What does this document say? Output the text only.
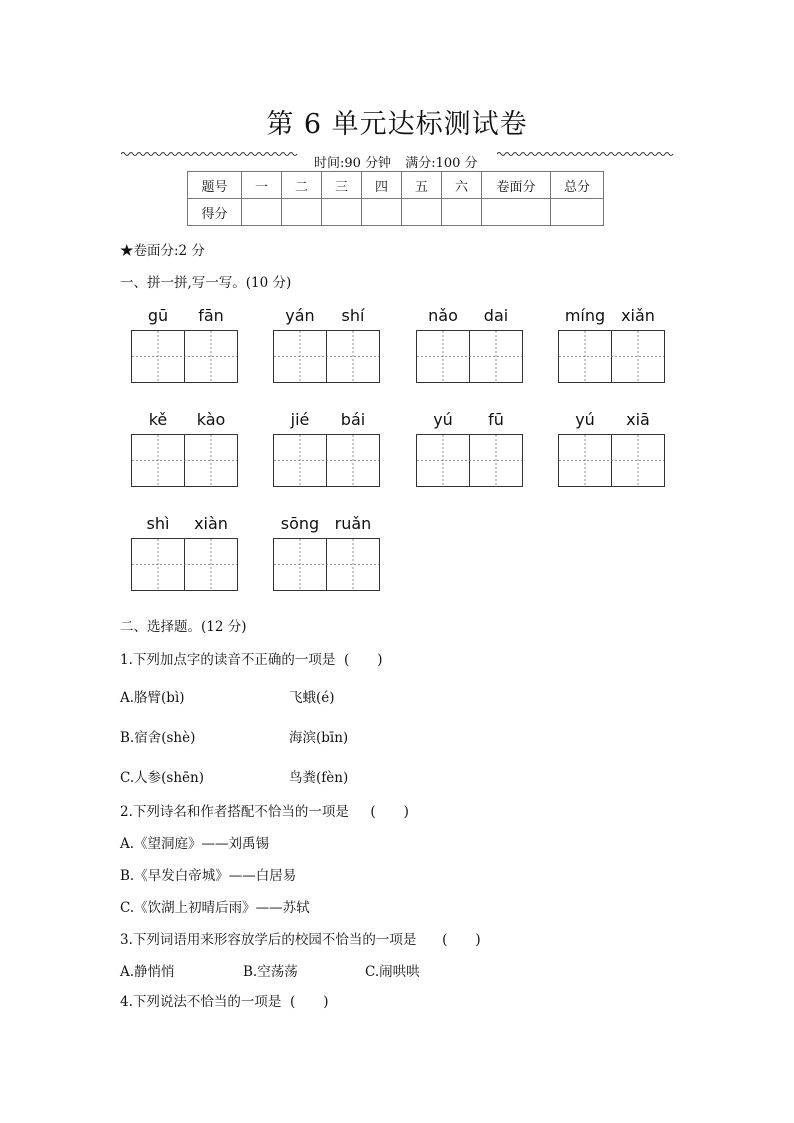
第 6 单元达标测试卷
时间:90 分钟 满分:100 分
题号	一	二	三	四	五	六	卷面分	总分
得分								
★卷面分:2 分
一、拼一拼,写一写。(10 分)
gū	fān	yán	shí	nǎo	dai	míng xiǎn
kě	kào	jié	bái	yú	fū	yú	xiā
shì	xiàn	sōng ruǎn
二、选择题。(12 分)
1.下列加点字的读音不正确的一项是 ( )
A.胳臂(bì)	飞蛾(é)
B.宿舍(shè)	海滨(bīn)
C.人参(shēn)	鸟粪(fèn)
2.下列诗名和作者搭配不恰当的一项是 ( )
A.《望洞庭》——刘禹锡
B.《早发白帝城》——白居易
C.《饮湖上初晴后雨》——苏轼
3.下列词语用来形容放学后的校园不恰当的一项是 ( )
A.静悄悄	B.空荡荡	C.闹哄哄
4.下列说法不恰当的一项是 ( )
